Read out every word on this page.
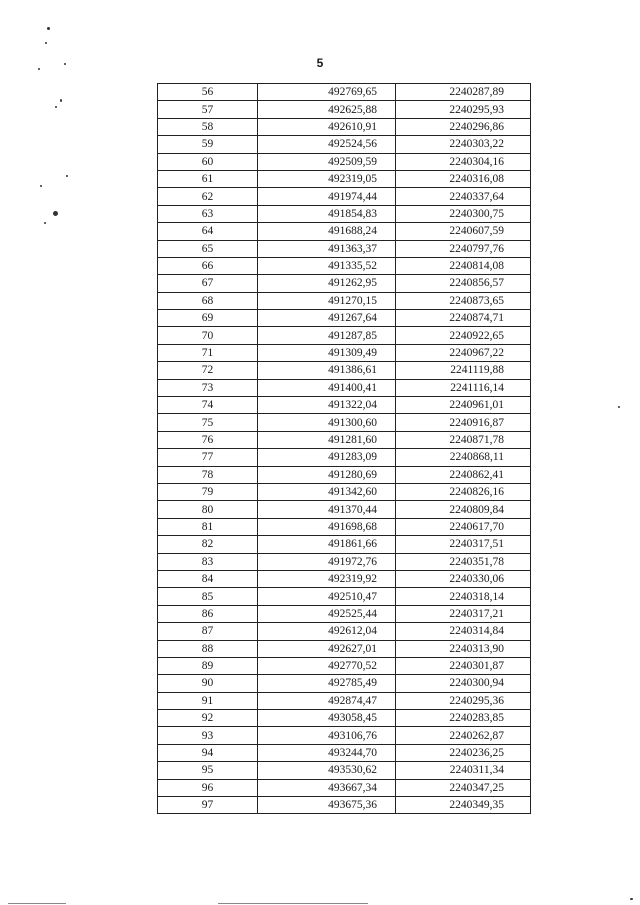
5
56	492769,65	2240287,89
57	492625,88	2240295,93
58	492610,91	2240296,86
59	492524,56	2240303,22
60	492509,59	2240304,16
61	492319,05	2240316,08
62	491974,44	2240337,64
63	491854,83	2240300,75
64	491688,24	2240607,59
65	491363,37	2240797,76
66	491335,52	2240814,08
67	491262,95	2240856,57
68	491270,15	2240873,65
69	491267,64	2240874,71
70	491287,85	2240922,65
71	491309,49	2240967,22
72	491386,61	2241119,88
73	491400,41	2241116,14
74	491322,04	2240961,01
75	491300,60	2240916,87
76	491281,60	2240871,78
77	491283,09	2240868,11
78	491280,69	2240862,41
79	491342,60	2240826,16
80	491370,44	2240809,84
81	491698,68	2240617,70
82	491861,66	2240317,51
83	491972,76	2240351,78
84	492319,92	2240330,06
85	492510,47	2240318,14
86	492525,44	2240317,21
87	492612,04	2240314,84
88	492627,01	2240313,90
89	492770,52	2240301,87
90	492785,49	2240300,94
91	492874,47	2240295,36
92	493058,45	2240283,85
93	493106,76	2240262,87
94	493244,70	2240236,25
95	493530,62	2240311,34
96	493667,34	2240347,25
97	493675,36	2240349,35
